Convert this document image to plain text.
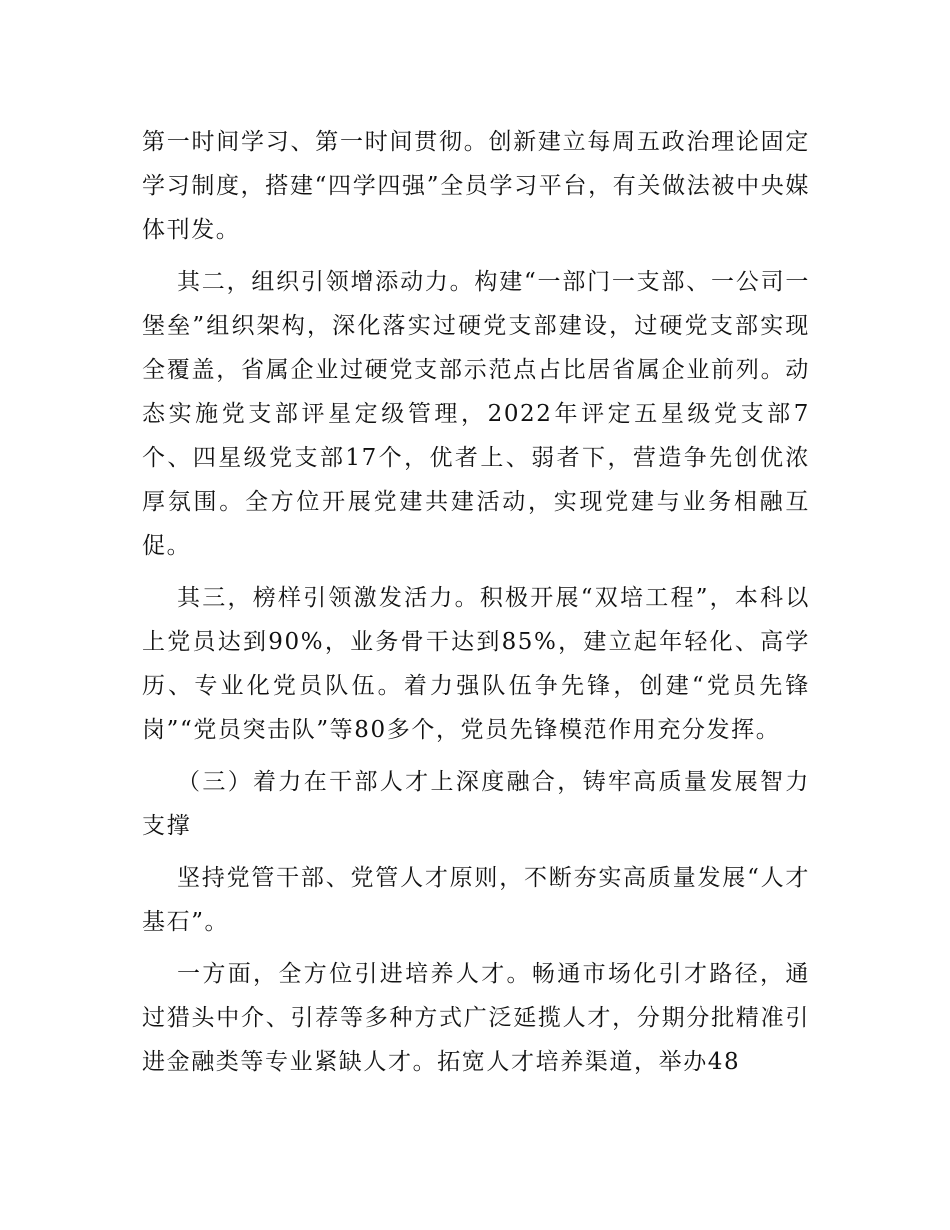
第一时间学习、第一时间贯彻。创新建立每周五政治理论固定学习制度，搭建“四学四强”全员学习平台，有关做法被中央媒体刊发。

其二，组织引领增添动力。构建“一部门一支部、一公司一堡垒”组织架构，深化落实过硬党支部建设，过硬党支部实现全覆盖，省属企业过硬党支部示范点占比居省属企业前列。动态实施党支部评星定级管理，2022年评定五星级党支部7个、四星级党支部17个，优者上、弱者下，营造争先创优浓厚氛围。全方位开展党建共建活动，实现党建与业务相融互促。

其三，榜样引领激发活力。积极开展“双培工程”，本科以上党员达到90%，业务骨干达到85%，建立起年轻化、高学历、专业化党员队伍。着力强队伍争先锋，创建“党员先锋岗”“党员突击队”等80多个，党员先锋模范作用充分发挥。

（三）着力在干部人才上深度融合，铸牢高质量发展智力支撑

坚持党管干部、党管人才原则，不断夯实高质量发展“人才基石”。

一方面，全方位引进培养人才。畅通市场化引才路径，通过猎头中介、引荐等多种方式广泛延揽人才，分期分批精准引进金融类等专业紧缺人才。拓宽人才培养渠道，举办48
